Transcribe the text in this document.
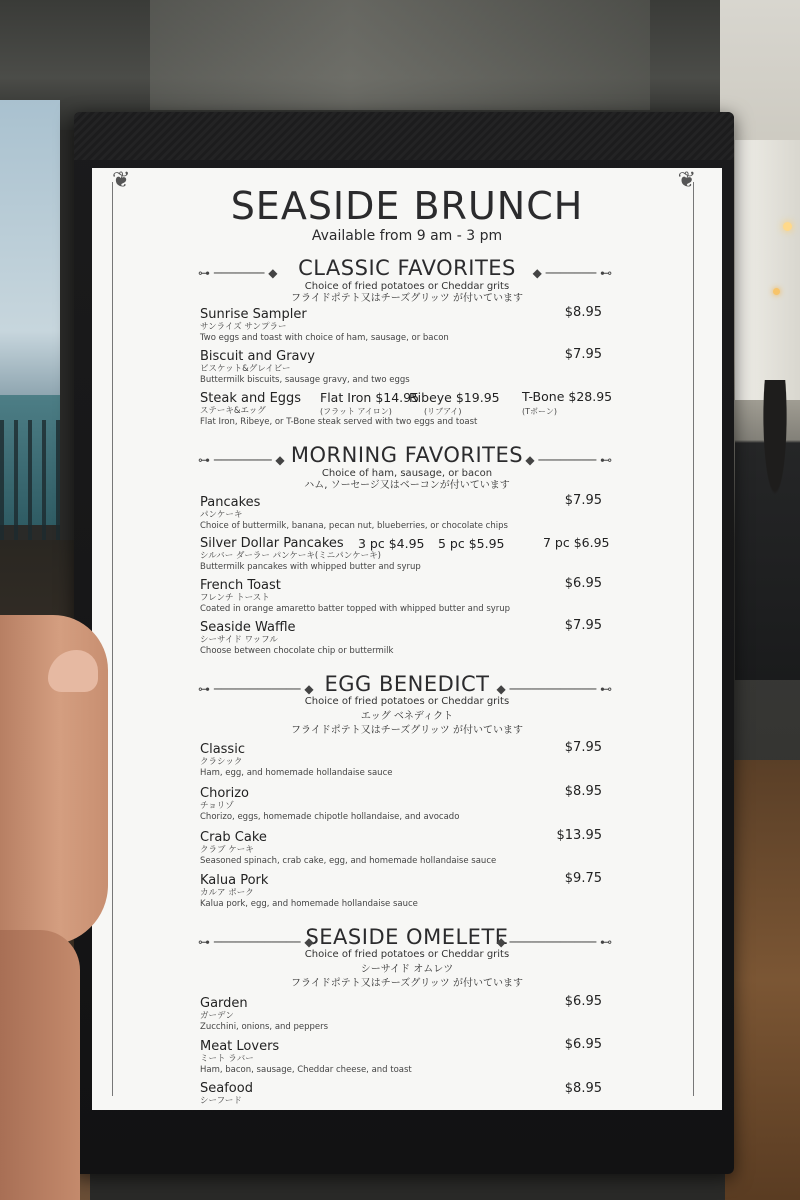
❦	❦
SEASIDE BRUNCH
Available from 9 am - 3 pm
⊶ ─────── ◆ CLASSIC FAVORITES ◆ ─────── ⊷
Choice of fried potatoes or Cheddar grits
フライドポテト又はチーズグリッツ が付いています
Sunrise Sampler
サンライズ サンプラー
Two eggs and toast with choice of ham, sausage, or bacon
$8.95
Biscuit and Gravy
ビスケット&グレイビー
Buttermilk biscuits, sausage gravy, and two eggs
$7.95
Steak and Eggs
ステーキ&エッグ
Flat Iron, Ribeye, or T-Bone steak served with two eggs and toast
Flat Iron $14.95
(フラット アイロン)
Ribeye $19.95
(リブアイ)
T-Bone $28.95
(Tボーン)
⊶ ──────── ◆ MORNING FAVORITES ◆ ──────── ⊷
Choice of ham, sausage, or bacon
ハム, ソーセージ又はベーコンが付いています
Pancakes
パンケーキ
Choice of buttermilk, banana, pecan nut, blueberries, or chocolate chips
$7.95
Silver Dollar Pancakes
シルバー ダーラー パンケーキ(ミニパンケーキ)
Buttermilk pancakes with whipped butter and syrup
3 pc $4.95 5 pc $5.95	7 pc $6.95
French Toast
フレンチ トースト
Coated in orange amaretto batter topped with whipped butter and syrup
$6.95
Seaside Waffle
シーサイド ワッフル
Choose between chocolate chip or buttermilk
$7.95
⊶ ──────────── ◆ EGG BENEDICT ◆ ──────────── ⊷
Choice of fried potatoes or Cheddar grits
エッグ ベネディクト
フライドポテト又はチーズグリッツ が付いています
Classic
クラシック
Ham, egg, and homemade hollandaise sauce
$7.95
Chorizo
チョリゾ
Chorizo, eggs, homemade chipotle hollandaise, and avocado
$8.95
Crab Cake
クラブ ケーキ
Seasoned spinach, crab cake, egg, and homemade hollandaise sauce
$13.95
Kalua Pork
カルア ポーク
Kalua pork, egg, and homemade hollandaise sauce
$9.75
⊶ ──────────── ◆
SEASIDE OMELETE
◆ ──────────── ⊷
Choice of fried potatoes or Cheddar grits
シーサイド オムレツ
フライドポテト又はチーズグリッツ が付いています
Garden
ガーデン
Zucchini, onions, and peppers
$6.95
Meat Lovers
ミート ラバー
Ham, bacon, sausage, Cheddar cheese, and toast
$6.95
Seafood
シーフード
$8.95
